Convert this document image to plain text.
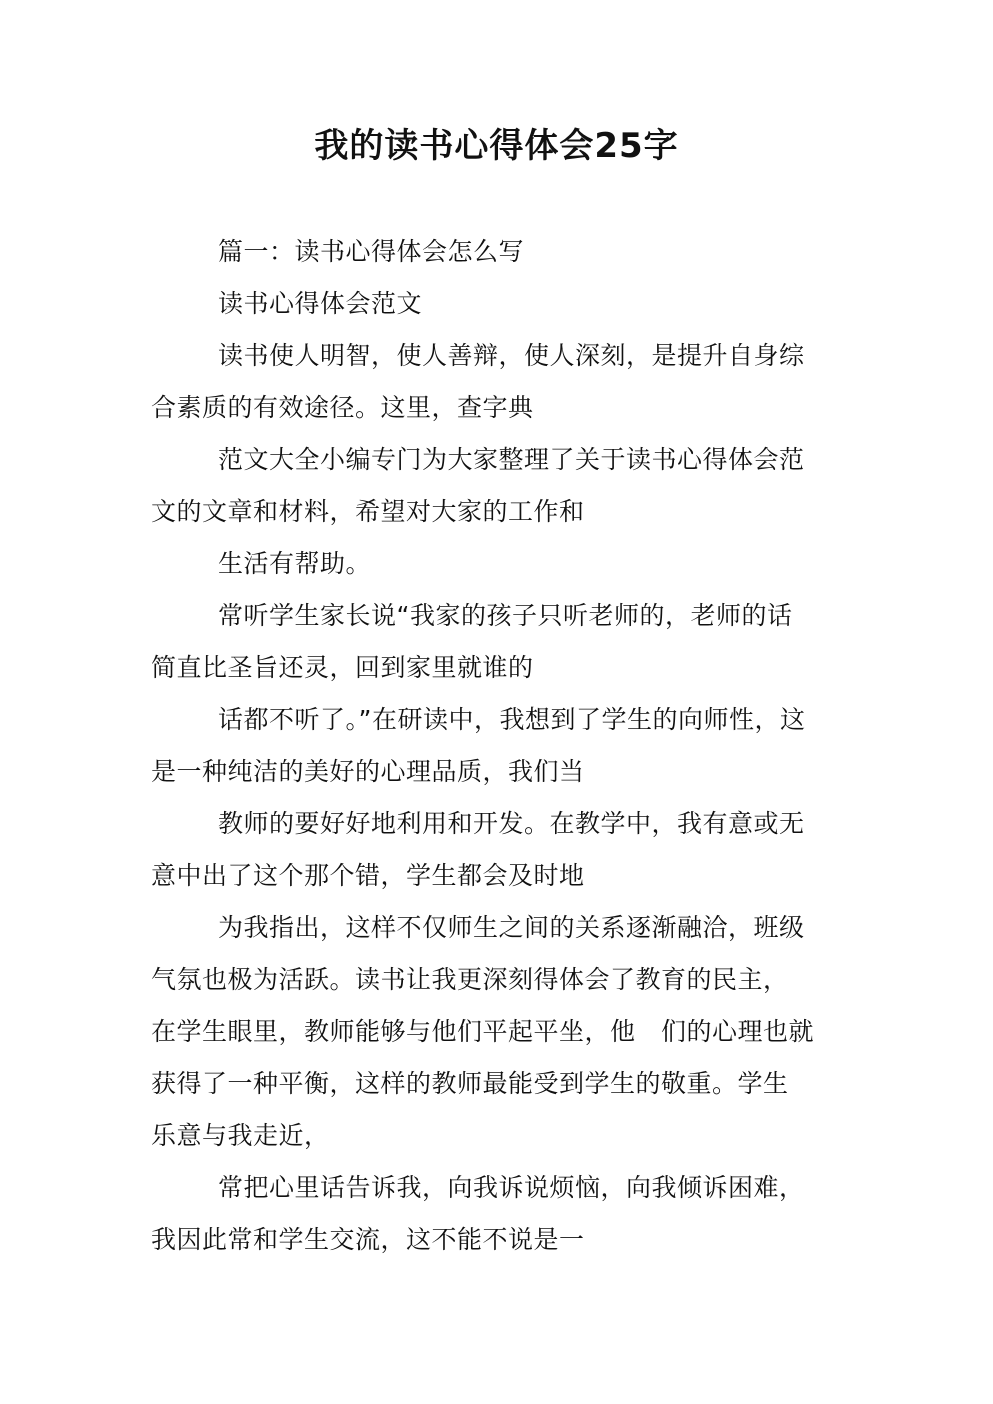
我的读书心得体会25字
篇一：读书心得体会怎么写
读书心得体会范文
读书使人明智，使人善辩，使人深刻，是提升自身综
合素质的有效途径。这里，查字典
范文大全小编专门为大家整理了关于读书心得体会范
文的文章和材料，希望对大家的工作和
生活有帮助。
常听学生家长说“我家的孩子只听老师的，老师的话
简直比圣旨还灵，回到家里就谁的
话都不听了。”在研读中，我想到了学生的向师性，这
是一种纯洁的美好的心理品质，我们当
教师的要好好地利用和开发。在教学中，我有意或无
意中出了这个那个错，学生都会及时地
为我指出，这样不仅师生之间的关系逐渐融洽，班级
气氛也极为活跃。读书让我更深刻得体会了教育的民主，
在学生眼里，教师能够与他们平起平坐，他　们的心理也就
获得了一种平衡，这样的教师最能受到学生的敬重。学生
乐意与我走近，
常把心里话告诉我，向我诉说烦恼，向我倾诉困难，
我因此常和学生交流，这不能不说是一
